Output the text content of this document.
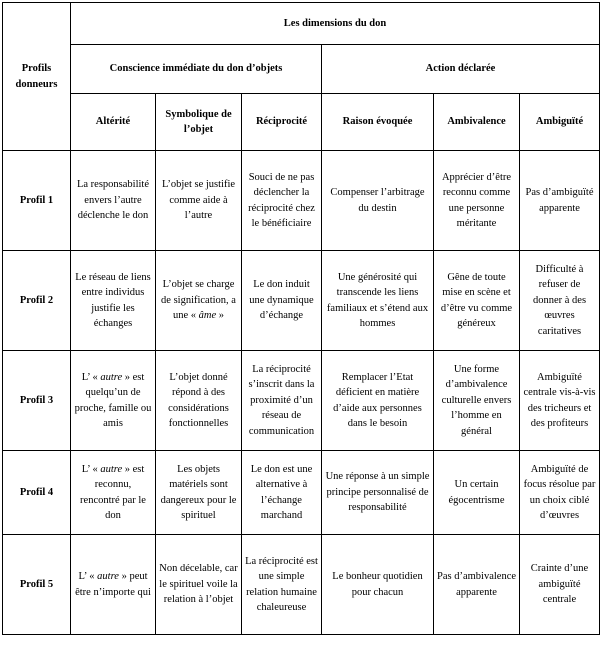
Profils donneurs	Les dimensions du don					
	Conscience immédiate du don d’objets			Action déclarée		
	Altérité	Symbolique de l’objet	Réciprocité	Raison évoquée	Ambivalence	Ambiguïté
Profil 1	La responsabilité envers l’autre déclenche le don	L’objet se justifie comme aide à l’autre	Souci de ne pas déclencher la réciprocité chez le bénéficiaire	Compenser l’arbitrage du destin	Apprécier d’être reconnu comme une personne méritante	Pas d’ambiguïté apparente
Profil 2	Le réseau de liens entre individus justifie les échanges	L’objet se charge de signification, a une « âme »	Le don induit une dynamique d’échange	Une générosité qui transcende les liens familiaux et s’étend aux hommes	Gêne de toute mise en scène et d’être vu comme généreux	Difficulté à refuser de donner à des œuvres caritatives
Profil 3	L’ « autre » est quelqu’un de proche, famille ou amis	L’objet donné répond à des considérations fonctionnelles	La réciprocité s’inscrit dans la proximité d’un réseau de communication	Remplacer l’Etat déficient en matière d’aide aux personnes dans le besoin	Une forme d’ambivalence culturelle envers l’homme en général	Ambiguïté centrale vis-à-vis des tricheurs et des profiteurs
Profil 4	L’ « autre » est reconnu, rencontré par le don	Les objets matériels sont dangereux pour le spirituel	Le don est une alternative à l’échange marchand	Une réponse à un simple principe personnalisé de responsabilité	Un certain égocentrisme	Ambiguïté de focus résolue par un choix ciblé d’œuvres
Profil 5	L’ « autre » peut être n’importe qui	Non décelable, car le spirituel voile la relation à l’objet	La réciprocité est une simple relation humaine chaleureuse	Le bonheur quotidien pour chacun	Pas d’ambivalence apparente	Crainte d’une ambiguïté centrale
